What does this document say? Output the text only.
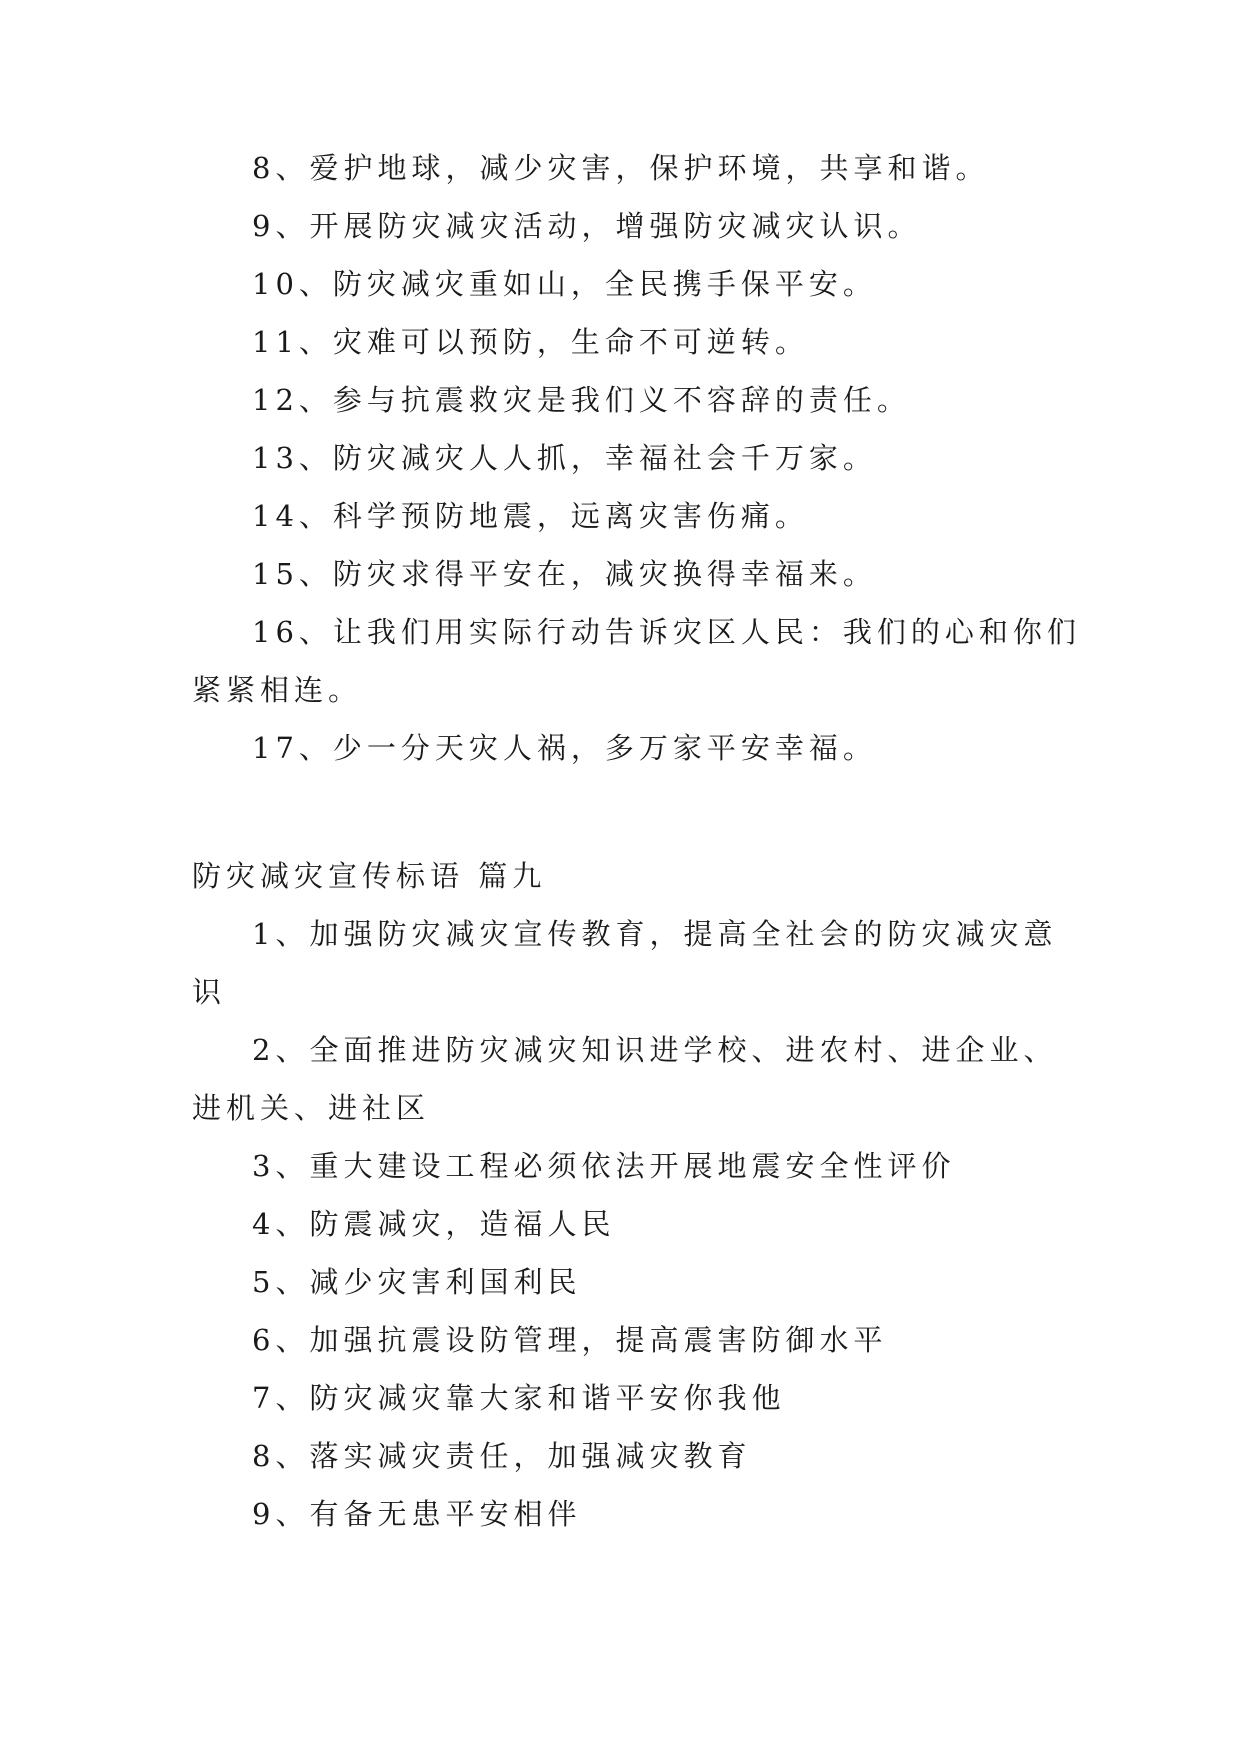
8、爱护地球，减少灾害，保护环境，共享和谐。
9、开展防灾减灾活动，增强防灾减灾认识。
10、防灾减灾重如山，全民携手保平安。
11、灾难可以预防，生命不可逆转。
12、参与抗震救灾是我们义不容辞的责任。
13、防灾减灾人人抓，幸福社会千万家。
14、科学预防地震，远离灾害伤痛。
15、防灾求得平安在，减灾换得幸福来。
16、让我们用实际行动告诉灾区人民：我们的心和你们
紧紧相连。
17、少一分天灾人祸，多万家平安幸福。
防灾减灾宣传标语 篇九
1、加强防灾减灾宣传教育，提高全社会的防灾减灾意
识
2、全面推进防灾减灾知识进学校、进农村、进企业、
进机关、进社区
3、重大建设工程必须依法开展地震安全性评价
4、防震减灾，造福人民
5、减少灾害利国利民
6、加强抗震设防管理，提高震害防御水平
7、防灾减灾靠大家和谐平安你我他
8、落实减灾责任，加强减灾教育
9、有备无患平安相伴
